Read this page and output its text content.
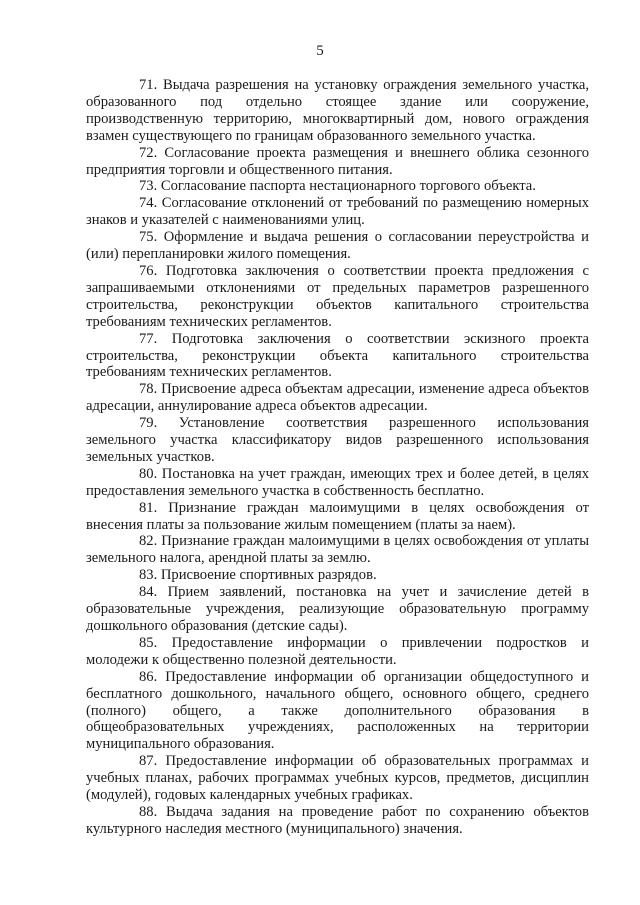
5

71. Выдача разрешения на установку ограждения земельного участка, образованного под отдельно стоящее здание или сооружение, производственную территорию, многоквартирный дом, нового ограждения взамен существующего по границам образованного земельного участка.

72. Согласование проекта размещения и внешнего облика сезонного предприятия торговли и общественного питания.

73. Согласование паспорта нестационарного торгового объекта.

74. Согласование отклонений от требований по размещению номерных знаков и указателей с наименованиями улиц.

75. Оформление и выдача решения о согласовании переустройства и (или) перепланировки жилого помещения.

76. Подготовка заключения о соответствии проекта предложения с запрашиваемыми отклонениями от предельных параметров разрешенного строительства, реконструкции объектов капитального строительства требованиям технических регламентов.

77. Подготовка заключения о соответствии эскизного проекта строительства, реконструкции объекта капитального строительства требованиям технических регламентов.

78. Присвоение адреса объектам адресации, изменение адреса объектов адресации, аннулирование адреса объектов адресации.

79. Установление соответствия разрешенного использования земельного участка классификатору видов разрешенного использования земельных участков.

80. Постановка на учет граждан, имеющих трех и более детей, в целях предоставления земельного участка в собственность бесплатно.

81. Признание граждан малоимущими в целях освобождения от внесения платы за пользование жилым помещением (платы за наем).

82. Признание граждан малоимущими в целях освобождения от уплаты земельного налога, арендной платы за землю.

83. Присвоение спортивных разрядов.

84. Прием заявлений, постановка на учет и зачисление детей в образовательные учреждения, реализующие образовательную программу дошкольного образования (детские сады).

85. Предоставление информации о привлечении подростков и молодежи к общественно полезной деятельности.

86. Предоставление информации об организации общедоступного и бесплатного дошкольного, начального общего, основного общего, среднего (полного) общего, а также дополнительного образования в общеобразовательных учреждениях, расположенных на территории муниципального образования.

87. Предоставление информации об образовательных программах и учебных планах, рабочих программах учебных курсов, предметов, дисциплин (модулей), годовых календарных учебных графиках.

88. Выдача задания на проведение работ по сохранению объектов культурного наследия местного (муниципального) значения.
